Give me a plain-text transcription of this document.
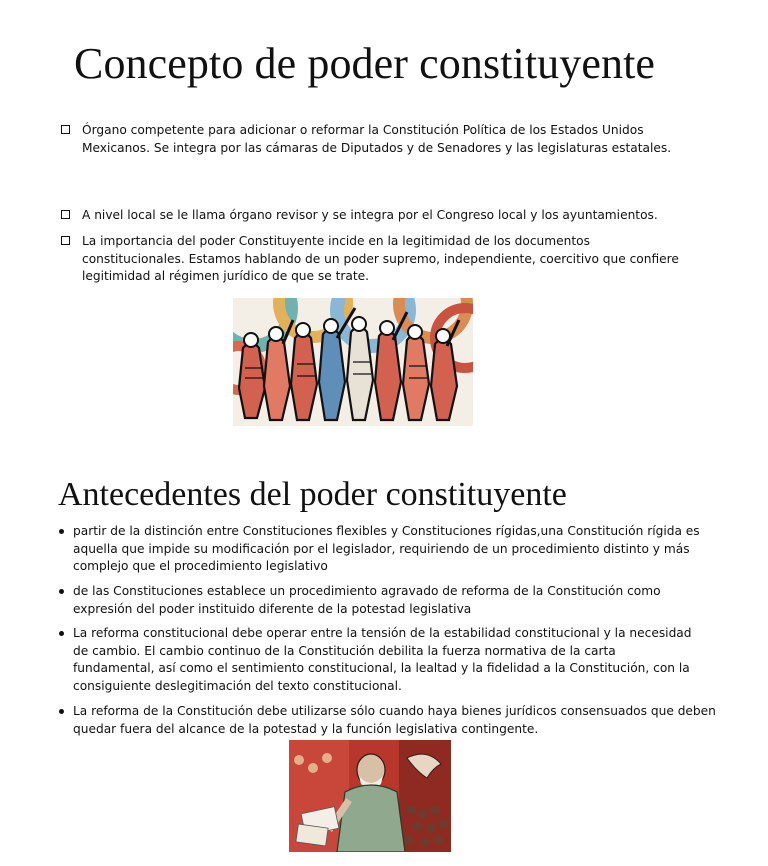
Concepto de poder constituyente
Órgano competente para adicionar o reformar la Constitución Política de los Estados Unidos Mexicanos. Se integra por las cámaras de Diputados y de Senadores y las legislaturas estatales.
A nivel local se le llama órgano revisor y se integra por el Congreso local y los ayuntamientos.
La importancia del poder Constituyente incide en la legitimidad de los documentos constitucionales. Estamos hablando de un poder supremo, independiente, coercitivo que confiere legitimidad al régimen jurídico de que se trate.
Antecedentes del poder constituyente
partir de la distinción entre Constituciones flexibles y Constituciones rígidas,una Constitución rígida es aquella que impide su modificación por el legislador, requiriendo de un procedimiento distinto y más complejo que el procedimiento legislativo
de las Constituciones establece un procedimiento agravado de reforma de la Constitución como expresión del poder instituido diferente de la potestad legislativa
La reforma constitucional debe operar entre la tensión de la estabilidad constitucional y la necesidad de cambio. El cambio continuo de la Constitución debilita la fuerza normativa de la carta fundamental, así como el sentimiento constitucional, la lealtad y la fidelidad a la Constitución, con la consiguiente deslegitimación del texto constitucional.
La reforma de la Constitución debe utilizarse sólo cuando haya bienes jurídicos consensuados que deben quedar fuera del alcance de la potestad y la función legislativa contingente.
